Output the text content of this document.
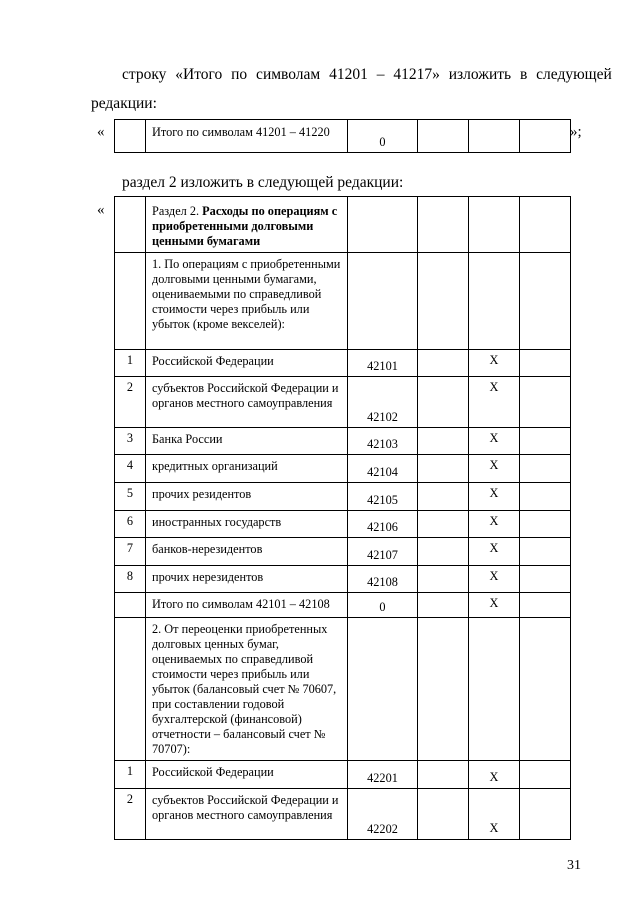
строку «Итого по символам 41201 – 41217» изложить в следующей
редакции:
«
		Итого по символам 41201 – 41220	0			
»;
раздел 2 изложить в следующей редакции:
«
		Раздел 2. Расходы по операциям с приобретенными долговыми ценными бумагами				
	1. По операциям с приобретенными долговыми ценными бумагами, оцениваемыми по справедливой стоимости через прибыль или убыток (кроме векселей):				
1	Российской Федерации	42101		X	
2	субъектов Российской Федерации и органов местного самоуправления	42102		X	
3	Банка России	42103		X	
4	кредитных организаций	42104		X	
5	прочих резидентов	42105		X	
6	иностранных государств	42106		X	
7	банков-нерезидентов	42107		X	
8	прочих нерезидентов	42108		X	
	Итого по символам 42101 – 42108	0		X	
	2. От переоценки приобретенных долговых ценных бумаг, оцениваемых по справедливой стоимости через прибыль или убыток (балансовый счет № 70607, при составлении годовой бухгалтерской (финансовой) отчетности – балансовый счет № 70707):				
1	Российской Федерации	42201		X	
2	субъектов Российской Федерации и органов местного самоуправления	42202		X	
31
